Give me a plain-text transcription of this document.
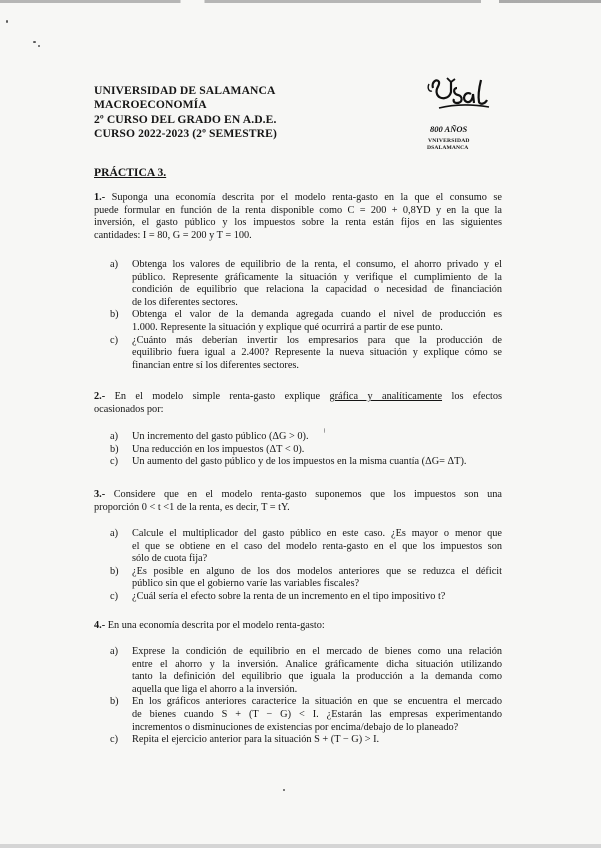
UNIVERSIDAD DE SALAMANCA
MACROECONOMÍA
2º CURSO DEL GRADO EN A.D.E.
CURSO 2022-2023 (2º SEMESTRE)	800 AÑOS
VNIVERSIDAD
DSALAMANCA
PRÁCTICA 3.
1.- Suponga una economía descrita por el modelo renta-gasto en la que el consumo se
puede formular en función de la renta disponible como C = 200 + 0,8YD y en la que la
inversión, el gasto público y los impuestos sobre la renta están fijos en las siguientes
cantidades: I = 80, G = 200 y T = 100.
a) Obtenga los valores de equilibrio de la renta, el consumo, el ahorro privado y el
público. Represente gráficamente la situación y verifique el cumplimiento de la
condición de equilibrio que relaciona la capacidad o necesidad de financiación
de los diferentes sectores.
b) Obtenga el valor de la demanda agregada cuando el nivel de producción es
1.000. Represente la situación y explique qué ocurrirá a partir de ese punto.
c) ¿Cuánto más deberían invertir los empresarios para que la producción de
equilibrio fuera igual a 2.400? Represente la nueva situación y explique cómo se
financian entre sí los diferentes sectores.
2.- En el modelo simple renta-gasto explique gráfica y analíticamente los efectos
ocasionados por:
a) Un incremento del gasto público (ΔG > 0).
b) Una reducción en los impuestos (ΔT < 0).
c) Un aumento del gasto público y de los impuestos en la misma cuantía (ΔG= ΔT).
3.- Considere que en el modelo renta-gasto suponemos que los impuestos son una
proporción 0 < t <1 de la renta, es decir, T = tY.
a) Calcule el multiplicador del gasto público en este caso. ¿Es mayor o menor que
el que se obtiene en el caso del modelo renta-gasto en el que los impuestos son
sólo de cuota fija?
b) ¿Es posible en alguno de los dos modelos anteriores que se reduzca el déficit
público sin que el gobierno varíe las variables fiscales?
c) ¿Cuál sería el efecto sobre la renta de un incremento en el tipo impositivo t?
4.- En una economía descrita por el modelo renta-gasto:
a) Exprese la condición de equilibrio en el mercado de bienes como una relación
entre el ahorro y la inversión. Analice gráficamente dicha situación utilizando
tanto la definición del equilibrio que iguala la producción a la demanda como
aquella que liga el ahorro a la inversión.
b) En los gráficos anteriores caracterice la situación en que se encuentra el mercado
de bienes cuando S + (T − G) < I. ¿Estarán las empresas experimentando
incrementos o disminuciones de existencias por encima/debajo de lo planeado?
c) Repita el ejercicio anterior para la situación S + (T − G) > I.
